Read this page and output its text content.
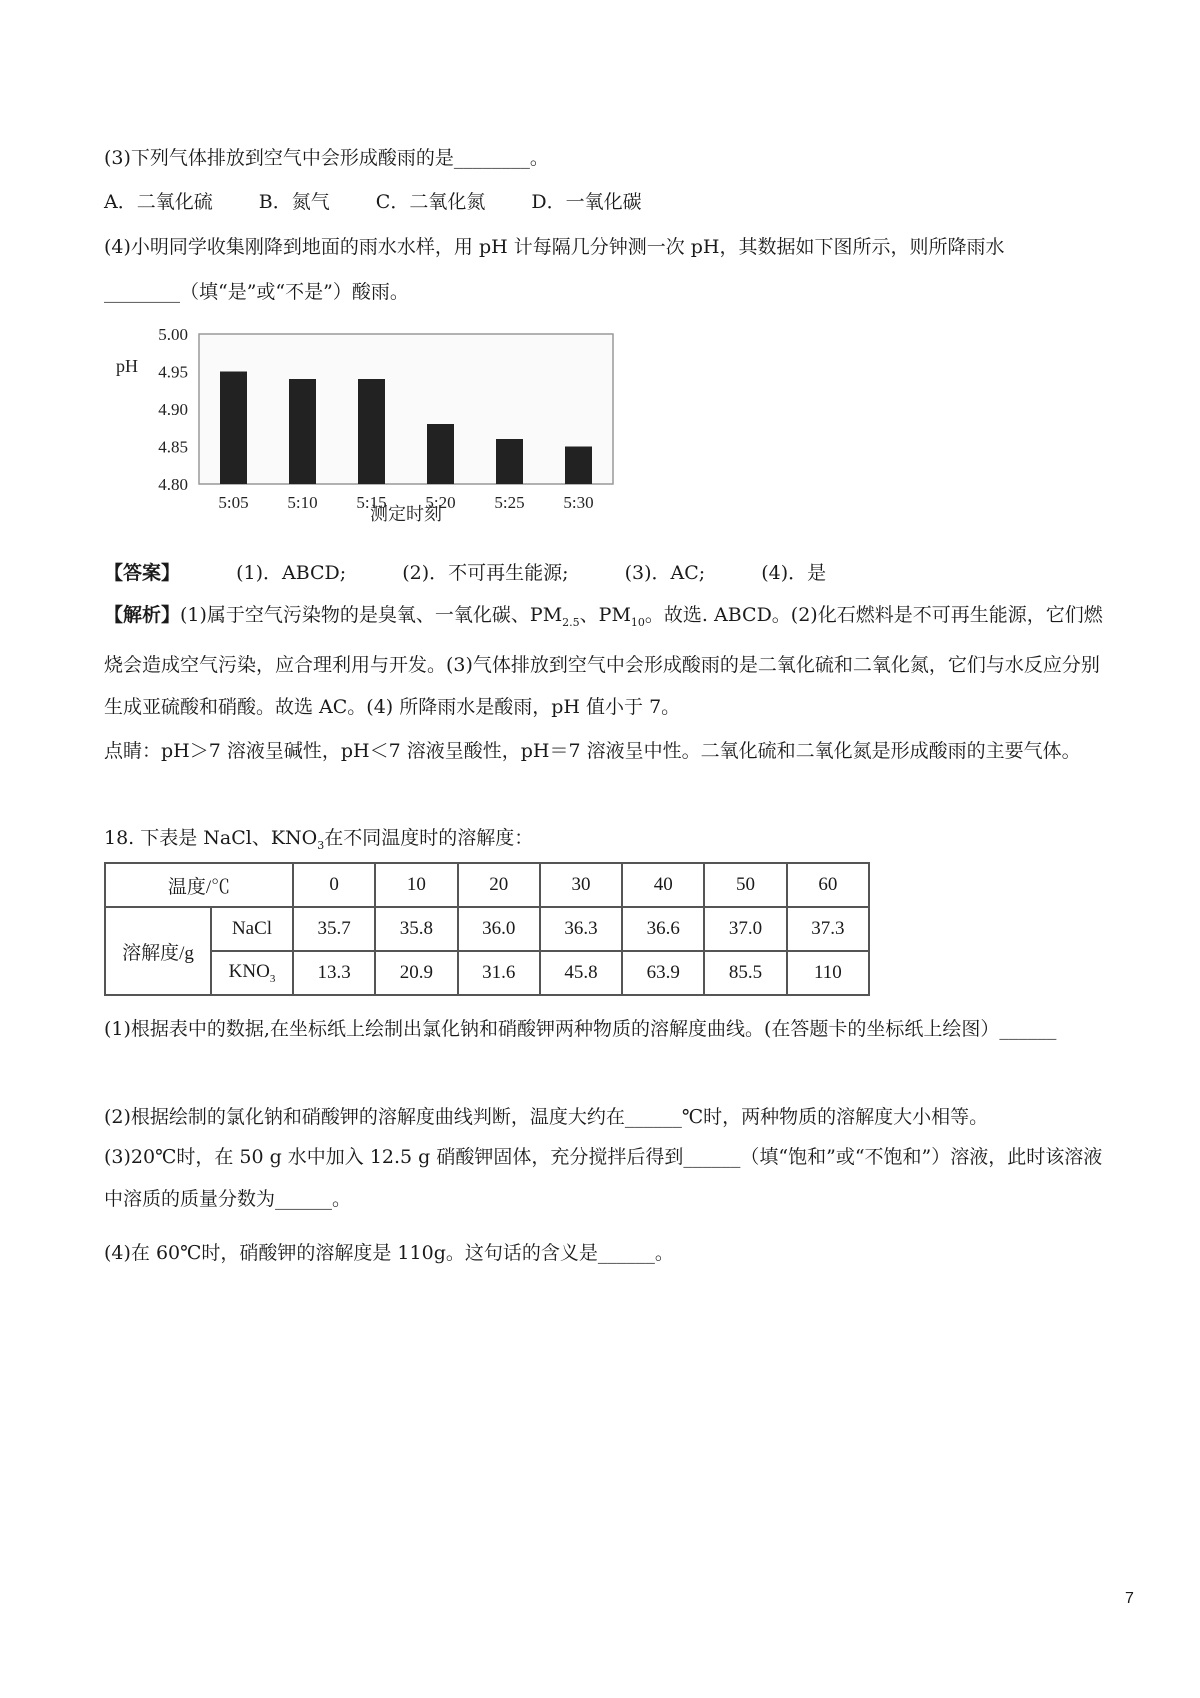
(3)下列气体排放到空气中会形成酸雨的是________。
A．二氧化硫 B．氮气 C．二氧化氮 D．一氧化碳
(4)小明同学收集刚降到地面的雨水水样，用 pH 计每隔几分钟测一次 pH，其数据如下图所示，则所降雨水
________（填“是”或“不是”）酸雨。
pH
5.00
4.95
4.90
4.85
4.80
5:05 5:10 5:15 5:20 5:25 5:30
测定时刻
【答案】	(1)．ABCD;	(2)．不可再生能源;	(3)．AC;	(4)．是
【解析】(1)属于空气污染物的是臭氧、一氧化碳、$PM_{2.5}$、$PM_{10}$。故选. ABCD。(2)化石燃料是不可再生能源，它们燃烧会造成空气污染，应合理利用与开发。(3)气体排放到空气中会形成酸雨的是二氧化硫和二氧化氮，它们与水反应分别生成亚硫酸和硝酸。故选 AC。(4) 所降雨水是酸雨，pH 值小于 7。
点睛：pH＞7 溶液呈碱性，pH＜7 溶液呈酸性，pH＝7 溶液呈中性。二氧化硫和二氧化氮是形成酸雨的主要气体。
18. 下表是 NaCl、$KNO_3$在不同温度时的溶解度：
温度/℃		0	10	20	30	40	50	60
溶解度/g	NaCl	35.7	35.8	36.0	36.3	36.6	37.0	37.3
	$KNO_3$	13.3	20.9	31.6	45.8	63.9	85.5	110
(1)根据表中的数据,在坐标纸上绘制出氯化钠和硝酸钾两种物质的溶解度曲线。(在答题卡的坐标纸上绘图）______
(2)根据绘制的氯化钠和硝酸钾的溶解度曲线判断，温度大约在______℃时，两种物质的溶解度大小相等。
(3)20℃时，在 50 g 水中加入 12.5 g 硝酸钾固体，充分搅拌后得到______（填“饱和”或“不饱和”）溶液，此时该溶液中溶质的质量分数为______。
(4)在 60℃时，硝酸钾的溶解度是 110g。这句话的含义是______。
7
